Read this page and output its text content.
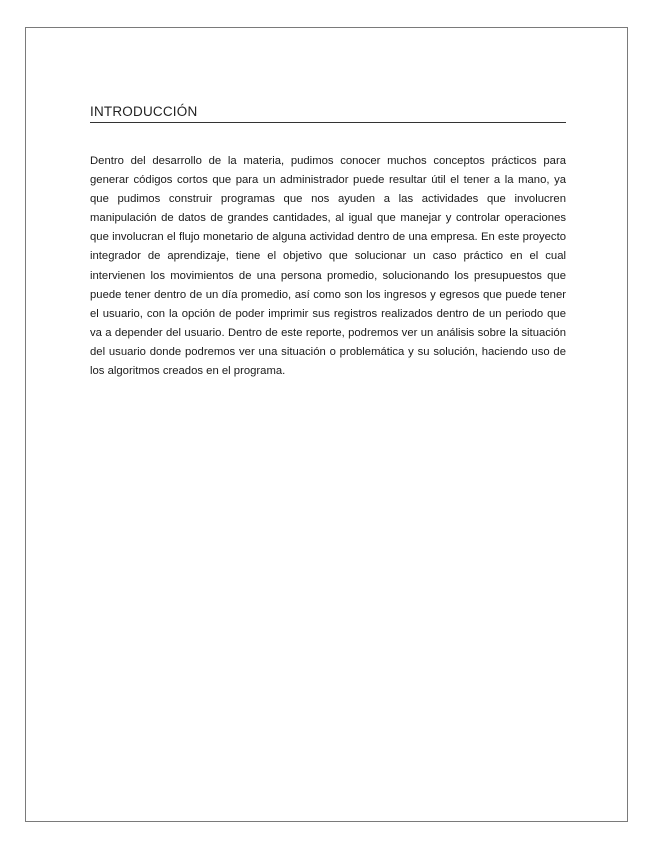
INTRODUCCIÓN

Dentro del desarrollo de la materia, pudimos conocer muchos conceptos prácticos para generar códigos cortos que para un administrador puede resultar útil el tener a la mano, ya que pudimos construir programas que nos ayuden a las actividades que involucren manipulación de datos de grandes cantidades, al igual que manejar y controlar operaciones que involucran el flujo monetario de alguna actividad dentro de una empresa. En este proyecto integrador de aprendizaje, tiene el objetivo que solucionar un caso práctico en el cual intervienen los movimientos de una persona promedio, solucionando los presupuestos que puede tener dentro de un día promedio, así como son los ingresos y egresos que puede tener el usuario, con la opción de poder imprimir sus registros realizados dentro de un periodo que va a depender del usuario. Dentro de este reporte, podremos ver un análisis sobre la situación del usuario donde podremos ver una situación o problemática y su solución, haciendo uso de los algoritmos creados en el programa.
